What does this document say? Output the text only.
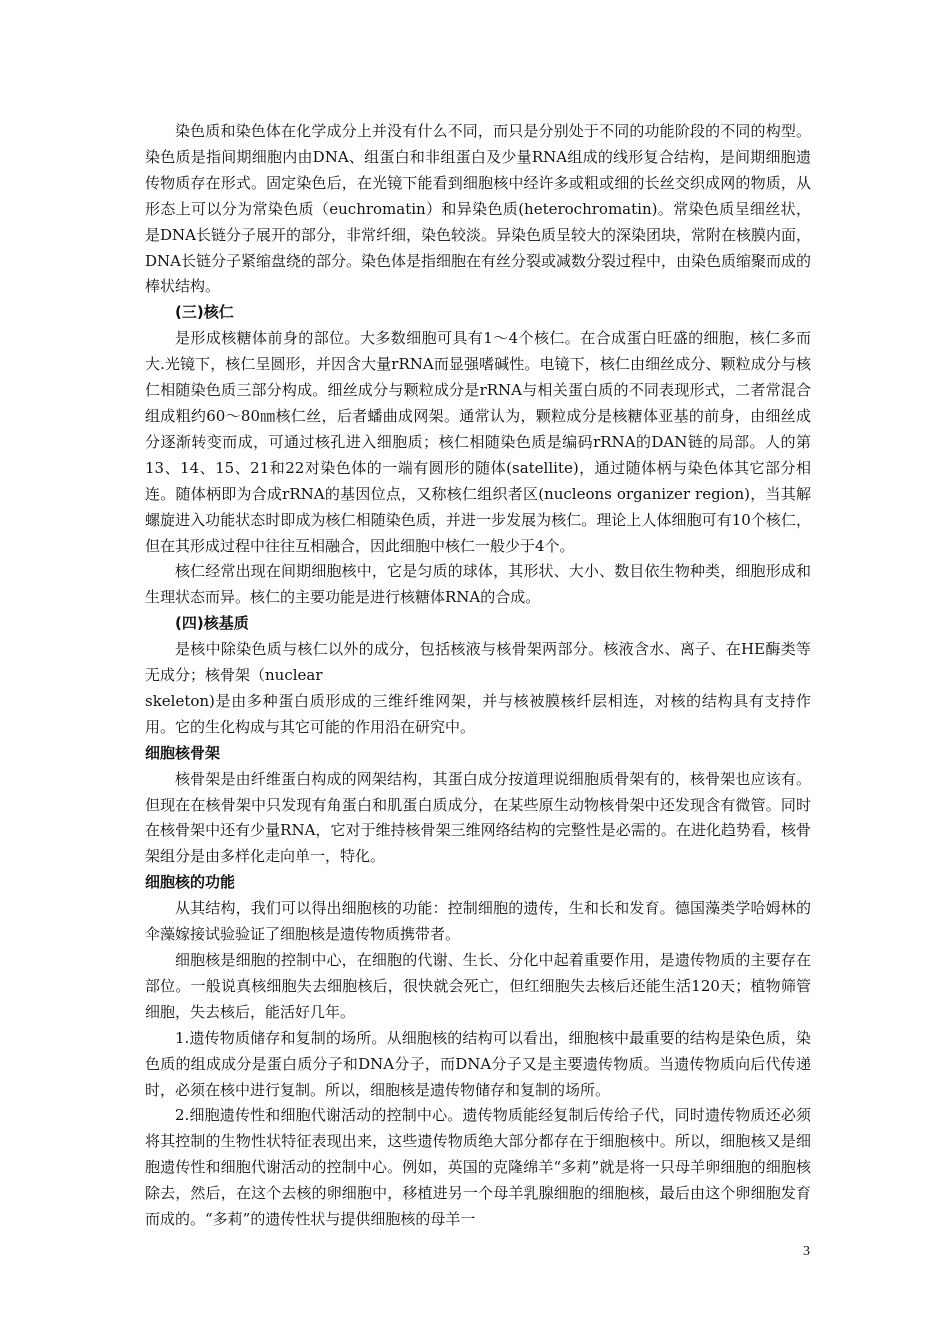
染色质和染色体在化学成分上并没有什么不同，而只是分别处于不同的功能阶段的不同的构型。染色质是指间期细胞内由DNA、组蛋白和非组蛋白及少量RNA组成的线形复合结构，是间期细胞遗传物质存在形式。固定染色后，在光镜下能看到细胞核中经许多或粗或细的长丝交织成网的物质，从形态上可以分为常染色质（euchromatin）和异染色质(heterochromatin)。常染色质呈细丝状，是DNA长链分子展开的部分，非常纤细，染色较淡。异染色质呈较大的深染团块，常附在核膜内面，DNA长链分子紧缩盘绕的部分。染色体是指细胞在有丝分裂或减数分裂过程中，由染色质缩聚而成的棒状结构。

(三)核仁

是形成核糖体前身的部位。大多数细胞可具有1～4个核仁。在合成蛋白旺盛的细胞，核仁多而大.光镜下，核仁呈圆形，并因含大量rRNA而显强嗜碱性。电镜下，核仁由细丝成分、颗粒成分与核仁相随染色质三部分构成。细丝成分与颗粒成分是rRNA与相关蛋白质的不同表现形式，二者常混合组成粗约60～80㎚核仁丝，后者蟠曲成网架。通常认为，颗粒成分是核糖体亚基的前身，由细丝成分逐渐转变而成，可通过核孔进入细胞质；核仁相随染色质是编码rRNA的DAN链的局部。人的第13、14、15、21和22对染色体的一端有圆形的随体(satellite)，通过随体柄与染色体其它部分相连。随体柄即为合成rRNA的基因位点，又称核仁组织者区(nucleons organizer region)，当其解螺旋进入功能状态时即成为核仁相随染色质，并进一步发展为核仁。理论上人体细胞可有10个核仁，但在其形成过程中往往互相融合，因此细胞中核仁一般少于4个。

核仁经常出现在间期细胞核中，它是匀质的球体，其形状、大小、数目依生物种类，细胞形成和生理状态而异。核仁的主要功能是进行核糖体RNA的合成。

(四)核基质

是核中除染色质与核仁以外的成分，包括核液与核骨架两部分。核液含水、离子、在HE酶类等无成分；核骨架（nuclear

skeleton)是由多种蛋白质形成的三维纤维网架，并与核被膜核纤层相连，对核的结构具有支持作用。它的生化构成与其它可能的作用沿在研究中。

细胞核骨架

核骨架是由纤维蛋白构成的网架结构，其蛋白成分按道理说细胞质骨架有的，核骨架也应该有。但现在在核骨架中只发现有角蛋白和肌蛋白质成分，在某些原生动物核骨架中还发现含有微管。同时在核骨架中还有少量RNA，它对于维持核骨架三维网络结构的完整性是必需的。在进化趋势看，核骨架组分是由多样化走向单一，特化。

细胞核的功能

从其结构，我们可以得出细胞核的功能：控制细胞的遗传，生和长和发育。德国藻类学哈姆林的伞藻嫁接试验验证了细胞核是遗传物质携带者。

细胞核是细胞的控制中心，在细胞的代谢、生长、分化中起着重要作用，是遗传物质的主要存在部位。一般说真核细胞失去细胞核后，很快就会死亡，但红细胞失去核后还能生活120天；植物筛管细胞，失去核后，能活好几年。

1.遗传物质储存和复制的场所。从细胞核的结构可以看出，细胞核中最重要的结构是染色质，染色质的组成成分是蛋白质分子和DNA分子，而DNA分子又是主要遗传物质。当遗传物质向后代传递时，必须在核中进行复制。所以，细胞核是遗传物储存和复制的场所。

2.细胞遗传性和细胞代谢活动的控制中心。遗传物质能经复制后传给子代，同时遗传物质还必须将其控制的生物性状特征表现出来，这些遗传物质绝大部分都存在于细胞核中。所以，细胞核又是细胞遗传性和细胞代谢活动的控制中心。例如，英国的克隆绵羊“多莉”就是将一只母羊卵细胞的细胞核除去，然后，在这个去核的卵细胞中，移植进另一个母羊乳腺细胞的细胞核，最后由这个卵细胞发育而成的。“多莉”的遗传性状与提供细胞核的母羊一

3
